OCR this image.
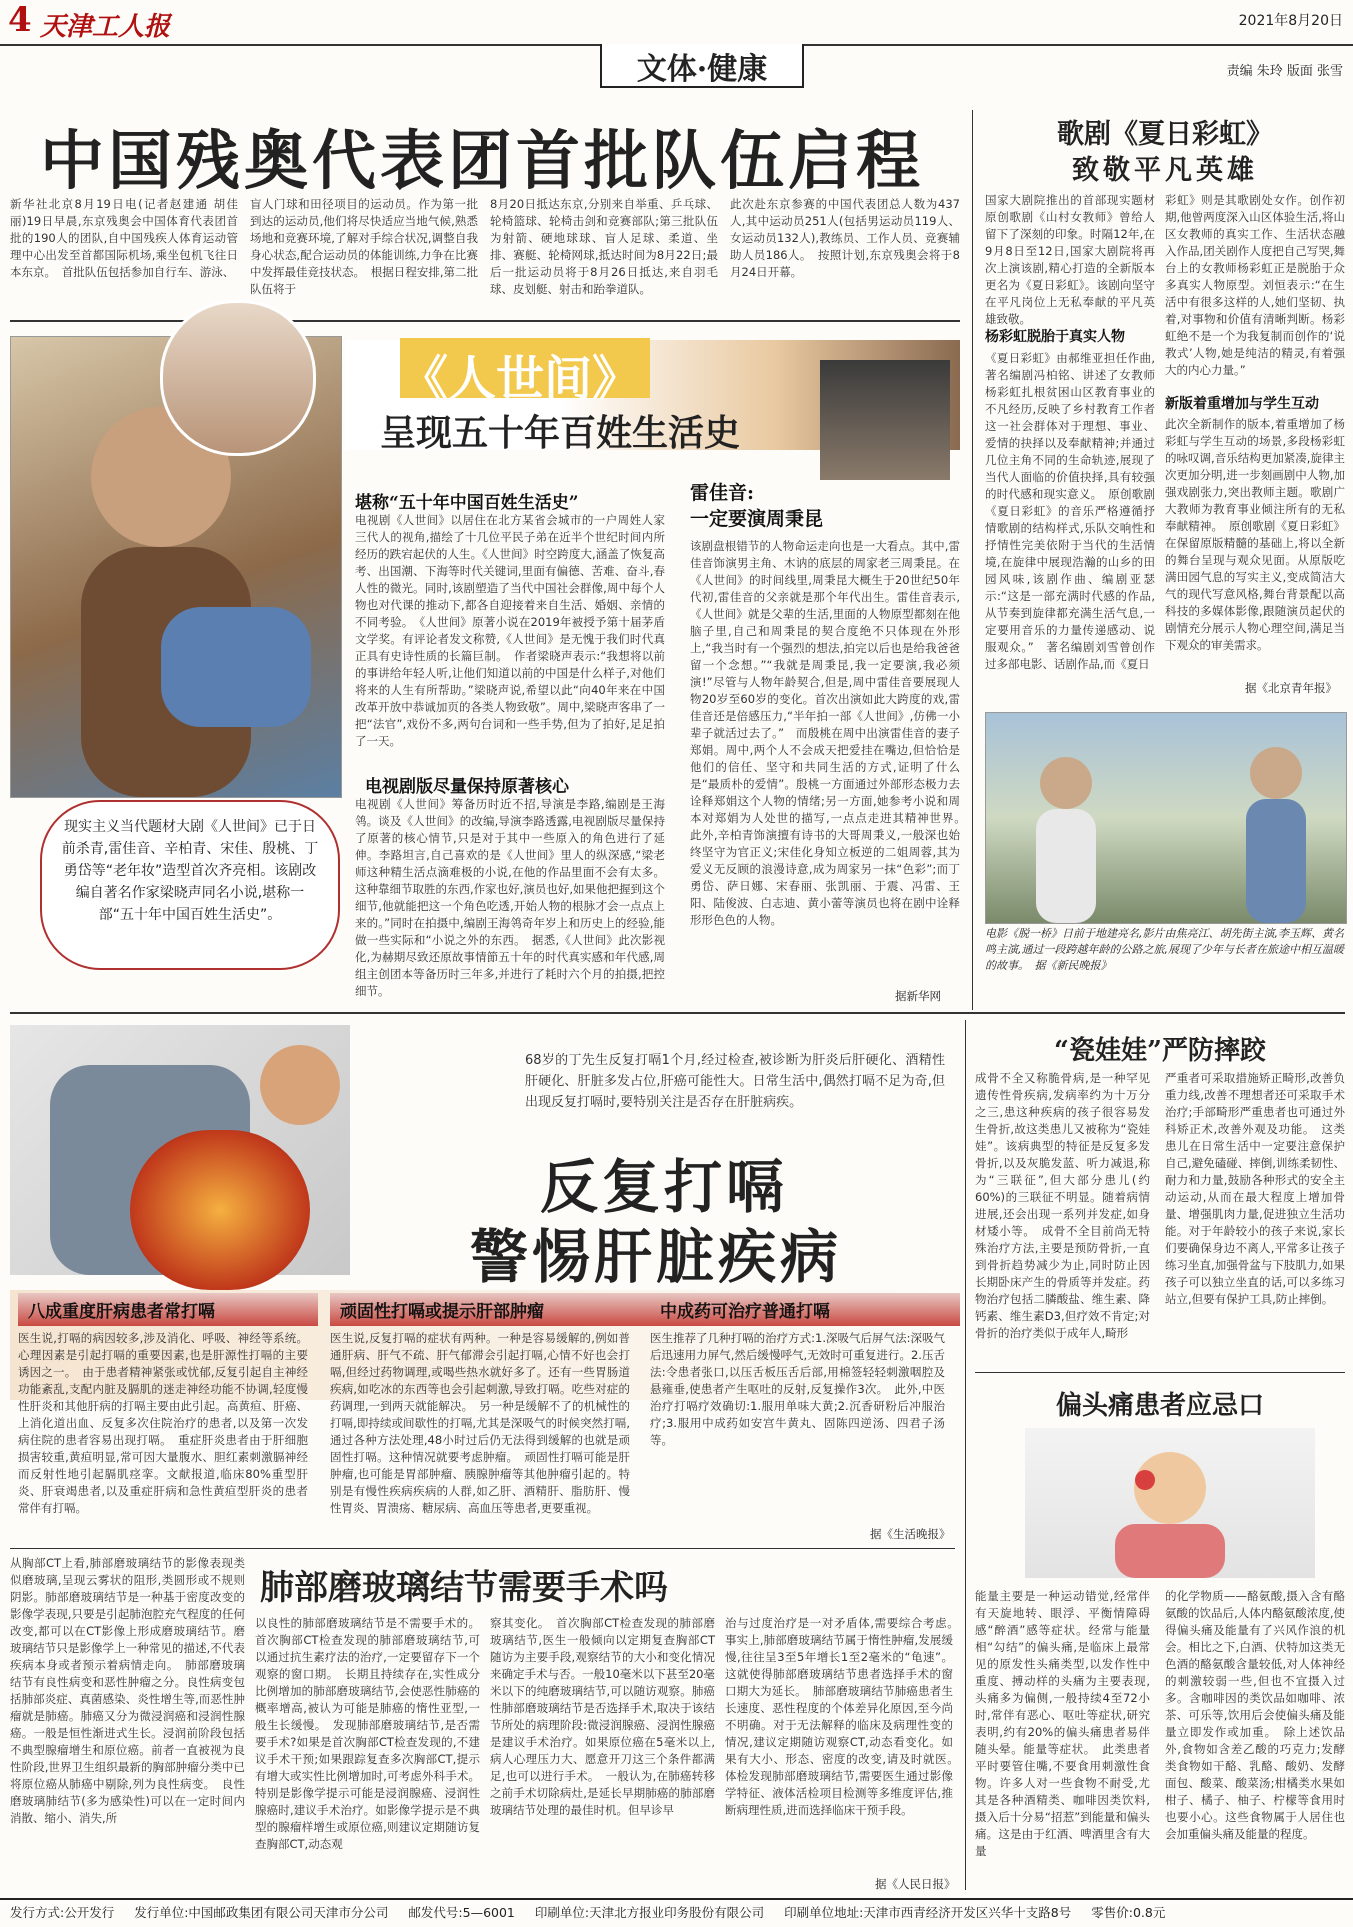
4 天津工人报	2021年8月20日
文体·健康	责编 朱玲 版面 张雪
中国残奥代表团首批队伍启程
新华社北京8月19日电(记者赵建通 胡佳丽)19日早晨,东京残奥会中国体育代表团首批的190人的团队,自中国残疾人体育运动管理中心出发至首都国际机场,乘坐包机飞往日本东京。　首批队伍包括参加自行车、游泳、
盲人门球和田径项目的运动员。作为第一批到达的运动员,他们将尽快适应当地气候,熟悉场地和竞赛环境,了解对手综合状况,调整自我身心状态,配合运动员的体能训练,力争在比赛中发挥最佳竞技状态。　根据日程安排,第二批队伍将于
8月20日抵达东京,分别来自举重、乒乓球、轮椅篮球、轮椅击剑和竞赛部队;第三批队伍为射箭、硬地球球、盲人足球、柔道、坐排、赛艇、轮椅网球,抵达时间为8月22日;最后一批运动员将于8月26日抵达,来自羽毛球、皮划艇、射击和跆拳道队。
此次赴东京参赛的中国代表团总人数为437人,其中运动员251人(包括男运动员119人、女运动员132人),教练员、工作人员、竞赛辅助人员186人。　按照计划,东京残奥会将于8月24日开幕。
现实主义当代题材大剧《人世间》已于日前杀青,雷佳音、辛柏青、宋佳、殷桃、丁勇岱等“老年妆”造型首次齐亮相。该剧改编自著名作家梁晓声同名小说,堪称一部“五十年中国百姓生活史”。
《人世间》
呈现五十年百姓生活史
堪称“五十年中国百姓生活史”
电视剧《人世间》以居住在北方某省会城市的一户周姓人家三代人的视角,描绘了十几位平民子弟在近半个世纪时间内所经历的跌宕起伏的人生。《人世间》时空跨度大,涵盖了恢复高考、出国潮、下海等时代关键词,里面有偏德、苦难、奋斗,春人性的微光。同时,该剧塑造了当代中国社会群像,周中每个人物也对代课的推动下,都各自迎接着来自生活、婚姻、亲情的不同考验。　《人世间》原著小说在2019年被授予第十届茅盾文学奖。有评论者发文称赞,《人世间》是无愧于我们时代真正具有史诗性质的长篇巨制。　作者梁晓声表示:“我想将以前的事讲给年轻人听,让他们知道以前的中国是什么样子,对他们将来的人生有所帮助。”梁晓声说,希望以此“向40年来在中国改革开放中恭诚加页的各类人物致敬”。周中,梁晓声客串了一把“法官”,戏份不多,两句台词和一些手势,但为了拍好,足足拍了一天。
电视剧版尽量保持原著核心
电视剧《人世间》筹备历时近不招,导演是李路,编剧是王海鸰。谈及《人世间》的改编,导演李路透露,电视剧版尽量保持了原著的核心情节,只是对于其中一些原入的角色进行了延伸。李路坦言,自己喜欢的是《人世间》里人的纵深感,“梁老师这种精生活点滴难极的小说,在他的作品里面不会有太多。这种靠细节取胜的东西,作家也好,演员也好,如果他把握到这个细节,他就能把这一个角色吃透,开始人物的根脉才会一点点上来的。”同时在拍摄中,编剧王海鸰奇年岁上和历史上的经验,能做一些实际和“小说之外的东西。　据悉,《人世间》此次影视化,为赫期尽致还原故事情節五十年的时代真实感和年代感,周组主创团本等备历时三年多,并进行了耗时六个月的拍摄,把控细节。
雷佳音:
一定要演周秉昆
该剧盘根错节的人物命运走向也是一大看点。其中,雷佳音饰演男主角、木讷的底层的周家老三周秉昆。在《人世间》的时间线里,周秉昆大概生于20世纪50年代初,雷佳音的父亲就是那个年代出生。雷佳音表示,《人世间》就是父辈的生活,里面的人物原型都刻在他脑子里,自己和周秉昆的契合度绝不只体现在外形上,“我当时有一个强烈的想法,拍完以后也是给我爸爸留一个念想。”“我就是周秉昆,我一定要演,我必须演!”尽管与人物年龄契合,但是,周中雷佳音要展现人物20岁至60岁的变化。首次出演如此大跨度的戏,雷佳音还是倍感压力,“半年拍一部《人世间》,仿佛一小辈子就活过去了。”　而殷桃在周中出演雷佳音的妻子郑娟。周中,两个人不会成天把爱挂在嘴边,但恰恰是他们的信任、坚守和共同生活的方式,证明了什么是“最质朴的爱情”。殷桃一方面通过外部形态极力去诠释郑娟这个人物的情绪;另一方面,她参考小说和周本对郑娟为人处世的描写,一点点走进其精神世界。　此外,辛柏青饰演擅有诗书的大哥周秉义,一般深也始终坚守为官正义;宋佳化身知立板逆的二姐周蓉,其为爱义无反顾的浪漫诗意,成为周家另一抹“色彩”;而丁勇岱、萨日娜、宋春丽、张凯丽、于震、冯雷、王阳、陆俊波、白志迪、黄小蕾等演员也将在剧中诠释形形色色的人物。
据新华网
歌剧《夏日彩虹》
致敬平凡英雄
国家大剧院推出的首部现实题材原创歌剧《山村女教师》曾给人留下了深刻的印象。时隔12年,在9月8日至12日,国家大剧院将再次上演该剧,精心打造的全新版本更名为《夏日彩虹》。该剧向坚守在平凡岗位上无私奉献的平凡英雄致敬。
杨彩虹脱胎于真实人物
《夏日彩虹》由郝维亚担任作曲,著名编剧冯柏铭、讲述了女教师杨彩虹扎根贫困山区教育事业的不凡经历,反映了乡村教育工作者这一社会群体对于理想、事业、爱情的抉择以及奉献精神;并通过几位主角不同的生命轨迹,展现了当代人面临的价值抉择,具有较强的时代感和现实意义。　原创歌剧《夏日彩虹》的音乐严格遵循抒情歌剧的结构样式,乐队交响性和抒情性完美依附于当代的生活情境,在旋律中展现浩瀚的山乡的田园风味,该剧作曲、编剧亚瑟示:“这是一部充满时代感的作品,从节奏到旋律都充满生活气息,一定要用音乐的力量传递感动、说服观众。”　著名编剧刘雪曾创作过多部电影、话剧作品,而《夏日
彩虹》则是其歌剧处女作。创作初期,他曾两度深入山区体验生活,将山区女教师的真实工作、生活状态融入作品,团关剧作人度把自己写哭,舞台上的女教师杨彩虹正是脱胎于众多真实人物原型。刘恒表示:“在生活中有很多这样的人,她们坚韧、执着,对事物和价值有清晰判断。杨彩虹绝不是一个为我复制而创作的‘说教式’人物,她是纯洁的精灵,有着强大的内心力量。”
新版着重增加与学生互动
此次全新制作的版本,着重增加了杨彩虹与学生互动的场景,多段杨彩虹的咏叹调,音乐结构更加紧凑,旋律主次更加分明,进一步刻画剧中人物,加强戏剧张力,突出教师主题。歌剧广大教师为教育事业倾注所有的无私奉献精神。　原创歌剧《夏日彩虹》在保留原版精髓的基础上,将以全新的舞台呈现与观众见面。从原版吃满田园气息的写实主义,变成简洁大气的现代写意风格,舞台背景配以高科技的多媒体影像,跟随演员起伏的剧情充分展示人物心理空间,满足当下观众的审美需求。
据《北京青年报》
电影《脱一桥》日前于地建亮名,影片由焦亮江、胡先街主演,李玉辉、黄名鸣主演,通过一段跨越年龄的公路之旅,展现了少年与长者在旅途中相互温暖的故事。　据《新民晚报》
68岁的丁先生反复打嗝1个月,经过检查,被诊断为肝炎后肝硬化、酒精性肝硬化、肝脏多发占位,肝癌可能性大。日常生活中,偶然打嗝不足为奇,但出现反复打嗝时,要特别关注是否存在肝脏病疾。
反复打嗝
警惕肝脏疾病
八成重度肝病患者常打嗝
医生说,打嗝的病因较多,涉及消化、呼吸、神经等系统。心理因素是引起打嗝的重要因素,也是肝源性打嗝的主要诱因之一。　由于患者精神紧张或忧郁,反复引起自主神经功能紊乱,支配内脏及膈肌的迷走神经功能不协调,轻度慢性肝炎和其他肝病的打嗝主要由此引起。高黄疸、肝癌、上消化道出血、反复多次住院治疗的患者,以及第一次发病住院的患者容易出现打嗝。　重症肝炎患者由于肝细胞损害较重,黄疸明显,常可因大量腹水、胆红素刺激膈神经而反射性地引起膈肌痉挛。文献报道,临床80%重型肝炎、肝衰竭患者,以及重症肝病和急性黄疸型肝炎的患者常伴有打嗝。
顽固性打嗝或提示肝部肿瘤
医生说,反复打嗝的症状有两种。一种是容易缓解的,例如普通肝病、肝气不疏、肝气郁滞会引起打嗝,心情不好也会打嗝,但经过药物调理,或喝些热水就好多了。还有一些胃肠道疾病,如吃冰的东西等也会引起刺激,导致打嗝。吃些对症的药调理,一到两天就能解决。　另一种是缓解不了的机械性的打嗝,即持续或间歇性的打嗝,尤其是深吸气的时候突然打嗝,通过各种方法处理,48小时过后仍无法得到缓解的也就是顽固性打嗝。这种情况就要考虑肿瘤。　顽固性打嗝可能是肝肿瘤,也可能是胃部肿瘤、胰腺肿瘤等其他肿瘤引起的。特别是有慢性疾病疾病的人群,如乙肝、酒精肝、脂肪肝、慢性胃炎、胃溃疡、糖尿病、高血压等患者,更要重视。
中成药可治疗普通打嗝
医生推荐了几种打嗝的治疗方式:1.深吸气后屏气法:深吸气后迅速用力屏气,然后缓慢呼气,无效时可重复进行。2.压舌法:令患者张口,以压舌板压舌后部,用棉签轻轻刺激咽腔及悬雍垂,使患者产生呕吐的反射,反复操作3次。　此外,中医治疗打嗝疗效确切:1.服用单味大黄;2.沉香研粉后冲服治疗;3.服用中成药如安宫牛黄丸、固陈四逆汤、四君子汤等。
据《生活晚报》
肺部磨玻璃结节需要手术吗
从胸部CT上看,肺部磨玻璃结节的影像表现类似磨玻璃,呈现云雾状的阻形,类圆形或不规则阴影。肺部磨玻璃结节是一种基于密度改变的影像学表现,只要是引起肺泡腔充气程度的任何改变,都可以在CT影像上形成磨玻璃结节。磨玻璃结节只是影像学上一种常见的描述,不代表疾病本身或者预示着病情走向。　肺部磨玻璃结节有良性病变和恶性肿瘤之分。良性病变包括肺部炎症、真菌感染、炎性增生等,而恶性肿瘤就是肺癌。肺癌又分为微浸润癌和浸润性腺癌。一般是恒性渐进式生长。浸润前阶段包括不典型腺瘤增生和原位癌。前者一直被视为良性阶段,世界卫生组织最新的胸部肿瘤分类中已将原位癌从肺癌中剔除,列为良性病变。　良性磨玻璃肺结节(多为感染性)可以在一定时间内消散、缩小、消失,所
以良性的肺部磨玻璃结节是不需要手术的。首次胸部CT检查发现的肺部磨玻璃结节,可以通过抗生素疗法的治疗,一定要留存下一个观察的窗口期。　长期且持续存在,实性成分比例增加的肺部磨玻璃结节,会使恶性肺癌的概率增高,被认为可能是肺癌的惰性亚型,一般生长缓慢。　发现肺部磨玻璃结节,是否需要手术?如果是首次胸部CT检查发现的,不建议手术干预;如果跟踪复查多次胸部CT,提示有增大或实性比例增加时,可考虑外科手术。特别是影像学提示可能是浸润腺癌、浸润性腺癌时,建议手术治疗。如影像学提示是不典型的腺瘤样增生或原位癌,则建议定期随访复查胸部CT,动态观
察其变化。　首次胸部CT检查发现的肺部磨玻璃结节,医生一般倾向以定期复查胸部CT随访为主要手段,观察结节的大小和变化情况来确定手术与否。一般10毫米以下甚至20毫米以下的纯磨玻璃结节,可以随访观察。肺癌性肺部磨玻璃结节是否选择手术,取决于该结节所处的病理阶段:微浸润腺癌、浸润性腺癌是建议手术治疗。如果原位癌在5毫米以上,病人心理压力大、愿意开刀这三个条件都满足,也可以进行手术。　一般认为,在肺癌转移之前手术切除病灶,是延长早期肺癌的肺部磨玻璃结节处理的最佳时机。但早诊早
治与过度治疗是一对矛盾体,需要综合考虑。　事实上,肺部磨玻璃结节属于惰性肿瘤,发展缓慢,往往呈3至5年增长1至2毫米的“龟速”。这就使得肺部磨玻璃结节患者选择手术的窗口期大为延长。　肺部磨玻璃结节肺癌患者生长速度、恶性程度的个体差异化原因,至今尚不明确。对于无法解释的临床及病理性变的情况,建议定期随访观察CT,动态看变化。如果有大小、形态、密度的改变,请及时就医。　体检发现肺部磨玻璃结节,需要医生通过影像学特征、液体活检项目检测等多维度评估,推断病理性质,进而选择临床干预手段。
据《人民日报》
“瓷娃娃”严防摔跤
成骨不全又称脆骨病,是一种罕见遗传性骨疾病,发病率约为十万分之三,患这种疾病的孩子很容易发生骨折,故这类患儿又被称为“瓷娃娃”。该病典型的特征是反复多发骨折,以及灰脆发蓝、听力减退,称为“三联征”,但大部分患儿(约60%)的三联征不明显。随着病情进展,还会出现一系列并发症,如身材矮小等。　成骨不全目前尚无特殊治疗方法,主要是预防骨折,一直到骨折趋势减少为止,同时防止因长期卧床产生的骨质等并发症。药物治疗包括二膦酸盐、维生素、降钙素、维生素D3,但疗效不肯定;对骨折的治疗类似于成年人,畸形
严重者可采取措施矫正畸形,改善负重力线,改善不理想者还可采取手术治疗;手部畸形严重患者也可通过外科矫正术,改善外观及功能。　这类患儿在日常生活中一定要注意保护自己,避免磕碰、摔倒,训练柔韧性、耐力和力量,鼓励各种形式的安全主动运动,从而在最大程度上增加骨量、增强肌肉力量,促进独立生活功能。对于年龄较小的孩子来说,家长们要确保身边不离人,平常多让孩子练习坐直,加强骨盆与下肢肌力,如果孩子可以独立坐直的话,可以多练习站立,但要有保护工具,防止摔倒。
偏头痛患者应忌口
能量主要是一种运动错觉,经常伴有天旋地转、眼浮、平衡情障碍感“醉酒”感等症状。经常与能量相“勾结”的偏头痛,是临床上最常见的原发性头痛类型,以发作性中重度、搏动样的头痛为主要表现,头痛多为偏侧,一般持续4至72小时,常伴有恶心、呕吐等症状,研究表明,约有20%的偏头痛患者易伴随头晕。能量等症状。　此类患者平时要管住嘴,不要食用刺激性食物。许多人对一些食物不耐受,尤其是各种酒精类、咖啡因类饮料,摄入后十分易“招惹”到能量和偏头痛。这是由于红酒、啤酒里含有大量
的化学物质——酪氨酸,摄入含有酪氨酸的饮品后,人体内酪氨酸浓度,使得偏头痛及能量有了兴风作浪的机会。相比之下,白酒、伏特加这类无色酒的酪氨酸含量较低,对人体神经的刺激较弱一些,但也不宜摄入过多。含咖啡因的类饮品如咖啡、浓茶、可乐等,饮用后会使偏头痛及能量立即发作或加重。　除上述饮品外,食物如含差乙酸的巧克力;发酵类食物如干酪、乳酪、酸奶、发酵面包、酸菜、酸菜汤;柑橘类水果如柑子、橘子、柚子、柠檬等食用时也要小心。这些食物属于人居住也会加重偏头痛及能量的程度。
发行方式:公开发行 发行单位:中国邮政集团有限公司天津市分公司 邮发代号:5—6001 印刷单位:天津北方报业印务股份有限公司 印刷单位地址:天津市西青经济开发区兴华十支路8号 零售价:0.8元
